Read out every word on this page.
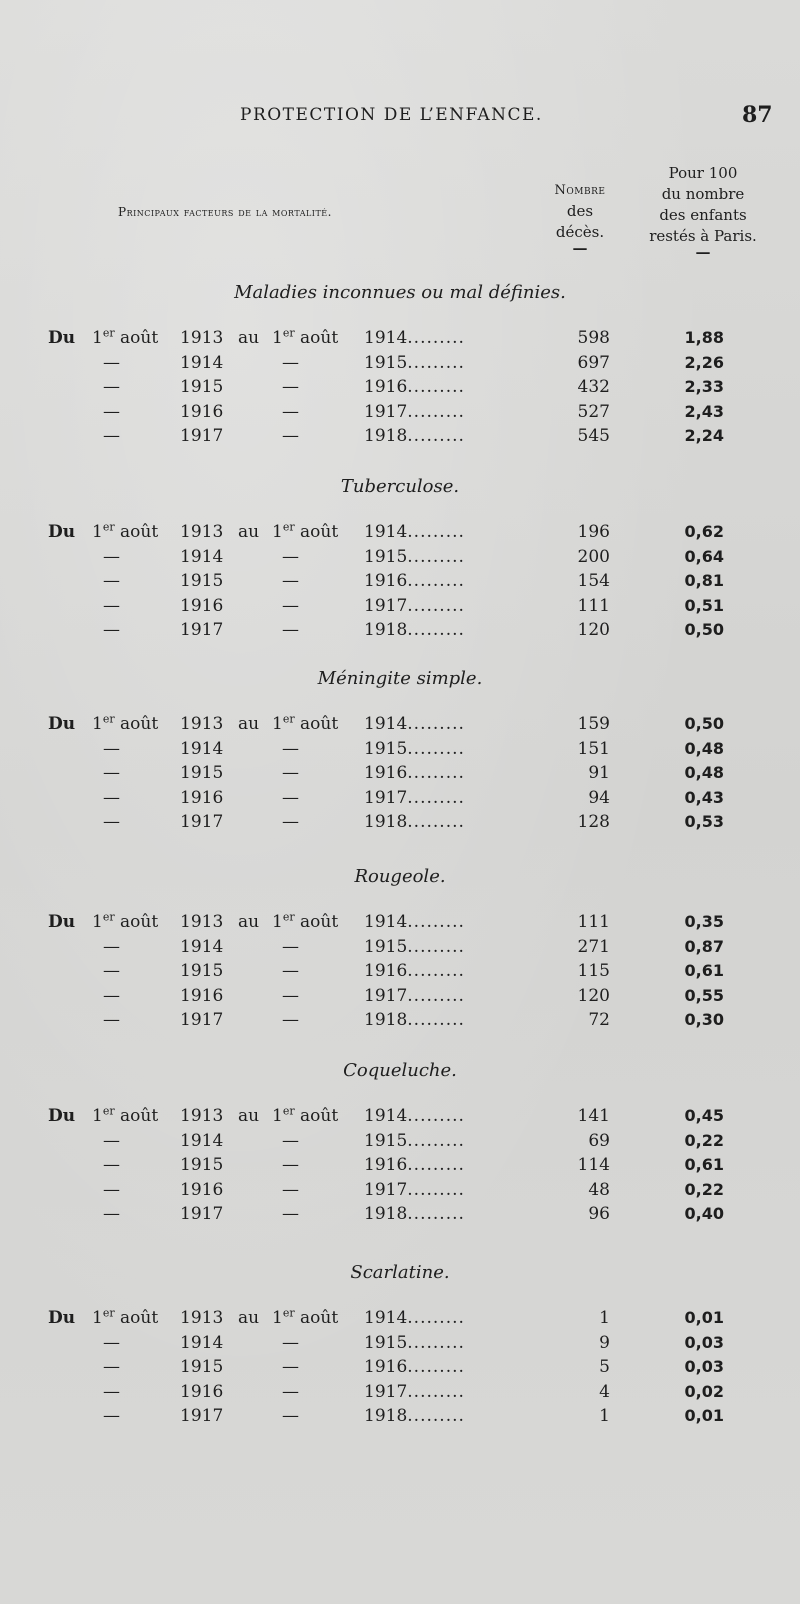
PROTECTION DE L’ENFANCE.	87
Principaux facteurs de la mortalité.
Nombre
des
décès.
—
Pour 100
du nombre
des enfants
restés à Paris.
—
Maladies inconnues ou mal définies.
Du 1er août 1913 au 1er août 1914.........	598	1,88
—	1914	—	1915.........	697	2,26
—	1915	—	1916.........	432	2,33
—	1916	—	1917.........	527	2,43
—	1917	—	1918.........	545	2,24
Tuberculose.
Du 1er août 1913 au 1er août 1914.........	196	0,62
—	1914	—	1915.........	200	0,64
—	1915	—	1916.........	154	0,81
—	1916	—	1917.........	111	0,51
—	1917	—	1918.........	120	0,50
Méningite simple.
Du 1er août 1913 au 1er août 1914.........	159	0,50
—	1914	—	1915.........	151	0,48
—	1915	—	1916.........	91	0,48
—	1916	—	1917.........	94	0,43
—	1917	—	1918.........	128	0,53
Rougeole.
Du 1er août 1913 au 1er août 1914.........	111	0,35
—	1914	—	1915.........	271	0,87
—	1915	—	1916.........	115	0,61
—	1916	—	1917.........	120	0,55
—	1917	—	1918.........	72	0,30
Coqueluche.
Du 1er août 1913 au 1er août 1914.........	141	0,45
—	1914	—	1915.........	69	0,22
—	1915	—	1916.........	114	0,61
—	1916	—	1917.........	48	0,22
—	1917	—	1918.........	96	0,40
Scarlatine.
Du 1er août 1913 au 1er août 1914.........	1	0,01
—	1914	—	1915.........	9	0,03
—	1915	—	1916.........	5	0,03
—	1916	—	1917.........	4	0,02
—	1917	—	1918.........	1	0,01
